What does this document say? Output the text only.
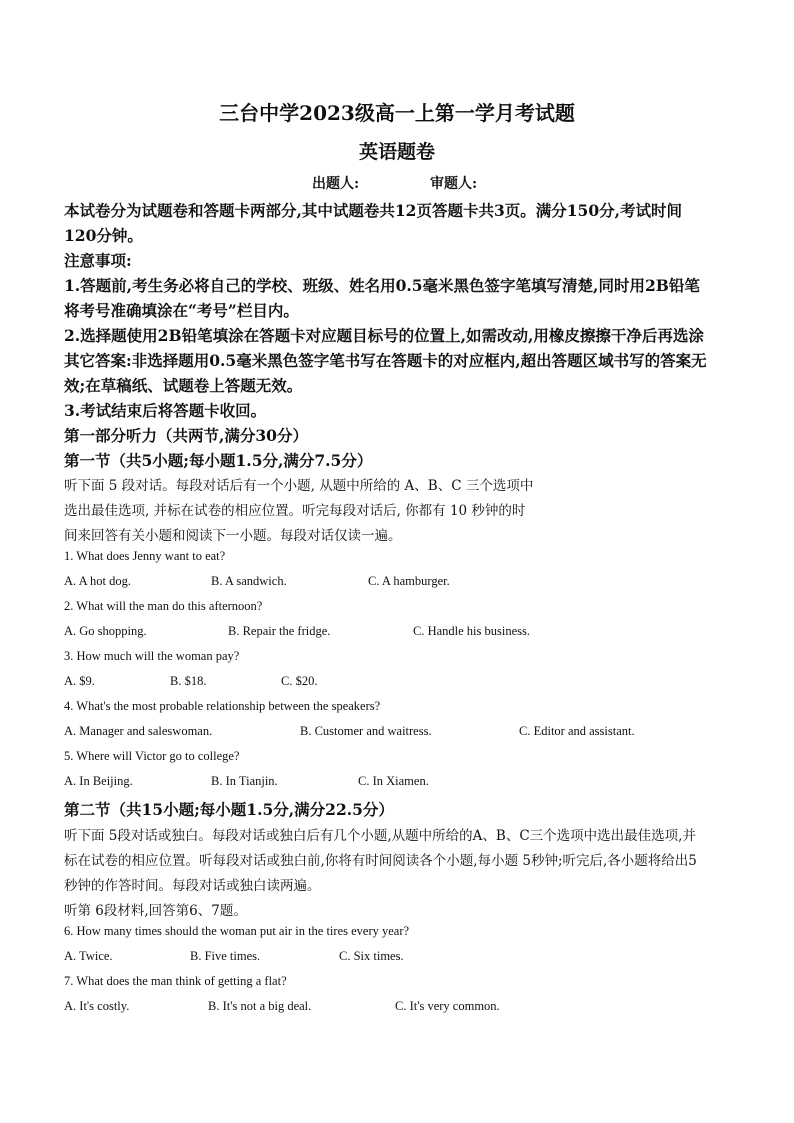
三台中学2023级高一上第一学月考试题
英语题卷
出题人:	审题人:
本试卷分为试题卷和答题卡两部分,其中试题卷共12页答题卡共3页。满分150分,考试时间
120分钟。
注意事项:
1.答题前,考生务必将自己的学校、班级、姓名用0.5毫米黑色签字笔填写清楚,同时用2B铅笔
将考号准确填涂在“考号”栏目内。
2.选择题使用2B铅笔填涂在答题卡对应题目标号的位置上,如需改动,用橡皮擦擦干净后再选涂
其它答案:非选择题用0.5毫米黑色签字笔书写在答题卡的对应框内,超出答题区域书写的答案无
效;在草稿纸、试题卷上答题无效。
3.考试结束后将答题卡收回。
第一部分听力（共两节,满分30分）
第一节（共5小题;每小题1.5分,满分7.5分）
听下面 5 段对话。每段对话后有一个小题, 从题中所给的 A、B、C 三个选项中
选出最佳选项, 并标在试卷的相应位置。听完每段对话后, 你都有 10 秒钟的时
间来回答有关小题和阅读下一小题。每段对话仅读一遍。
1. What does Jenny want to eat?
A. A hot dog.	B. A sandwich.	C. A hamburger.
2. What will the man do this afternoon?
A. Go shopping.	B. Repair the fridge.	C. Handle his business.
3. How much will the woman pay?
A. $9.	B. $18.	C. $20.
4. What's the most probable relationship between the speakers?
A. Manager and saleswoman.	B. Customer and waitress.	C. Editor and assistant.
5. Where will Victor go to college?
A. In Beijing.	B. In Tianjin.	C. In Xiamen.
第二节（共15小题;每小题1.5分,满分22.5分）
听下面 5段对话或独白。每段对话或独白后有几个小题,从题中所给的A、B、C三个选项中选出最佳选项,并
标在试卷的相应位置。听每段对话或独白前,你将有时间阅读各个小题,每小题 5秒钟;听完后,各小题将给出5
秒钟的作答时间。每段对话或独白读两遍。
听第 6段材料,回答第6、7题。
6. How many times should the woman put air in the tires every year?
A. Twice.	B. Five times.	C. Six times.
7. What does the man think of getting a flat?
A. It's costly.	B. It's not a big deal.	C. It's very common.
